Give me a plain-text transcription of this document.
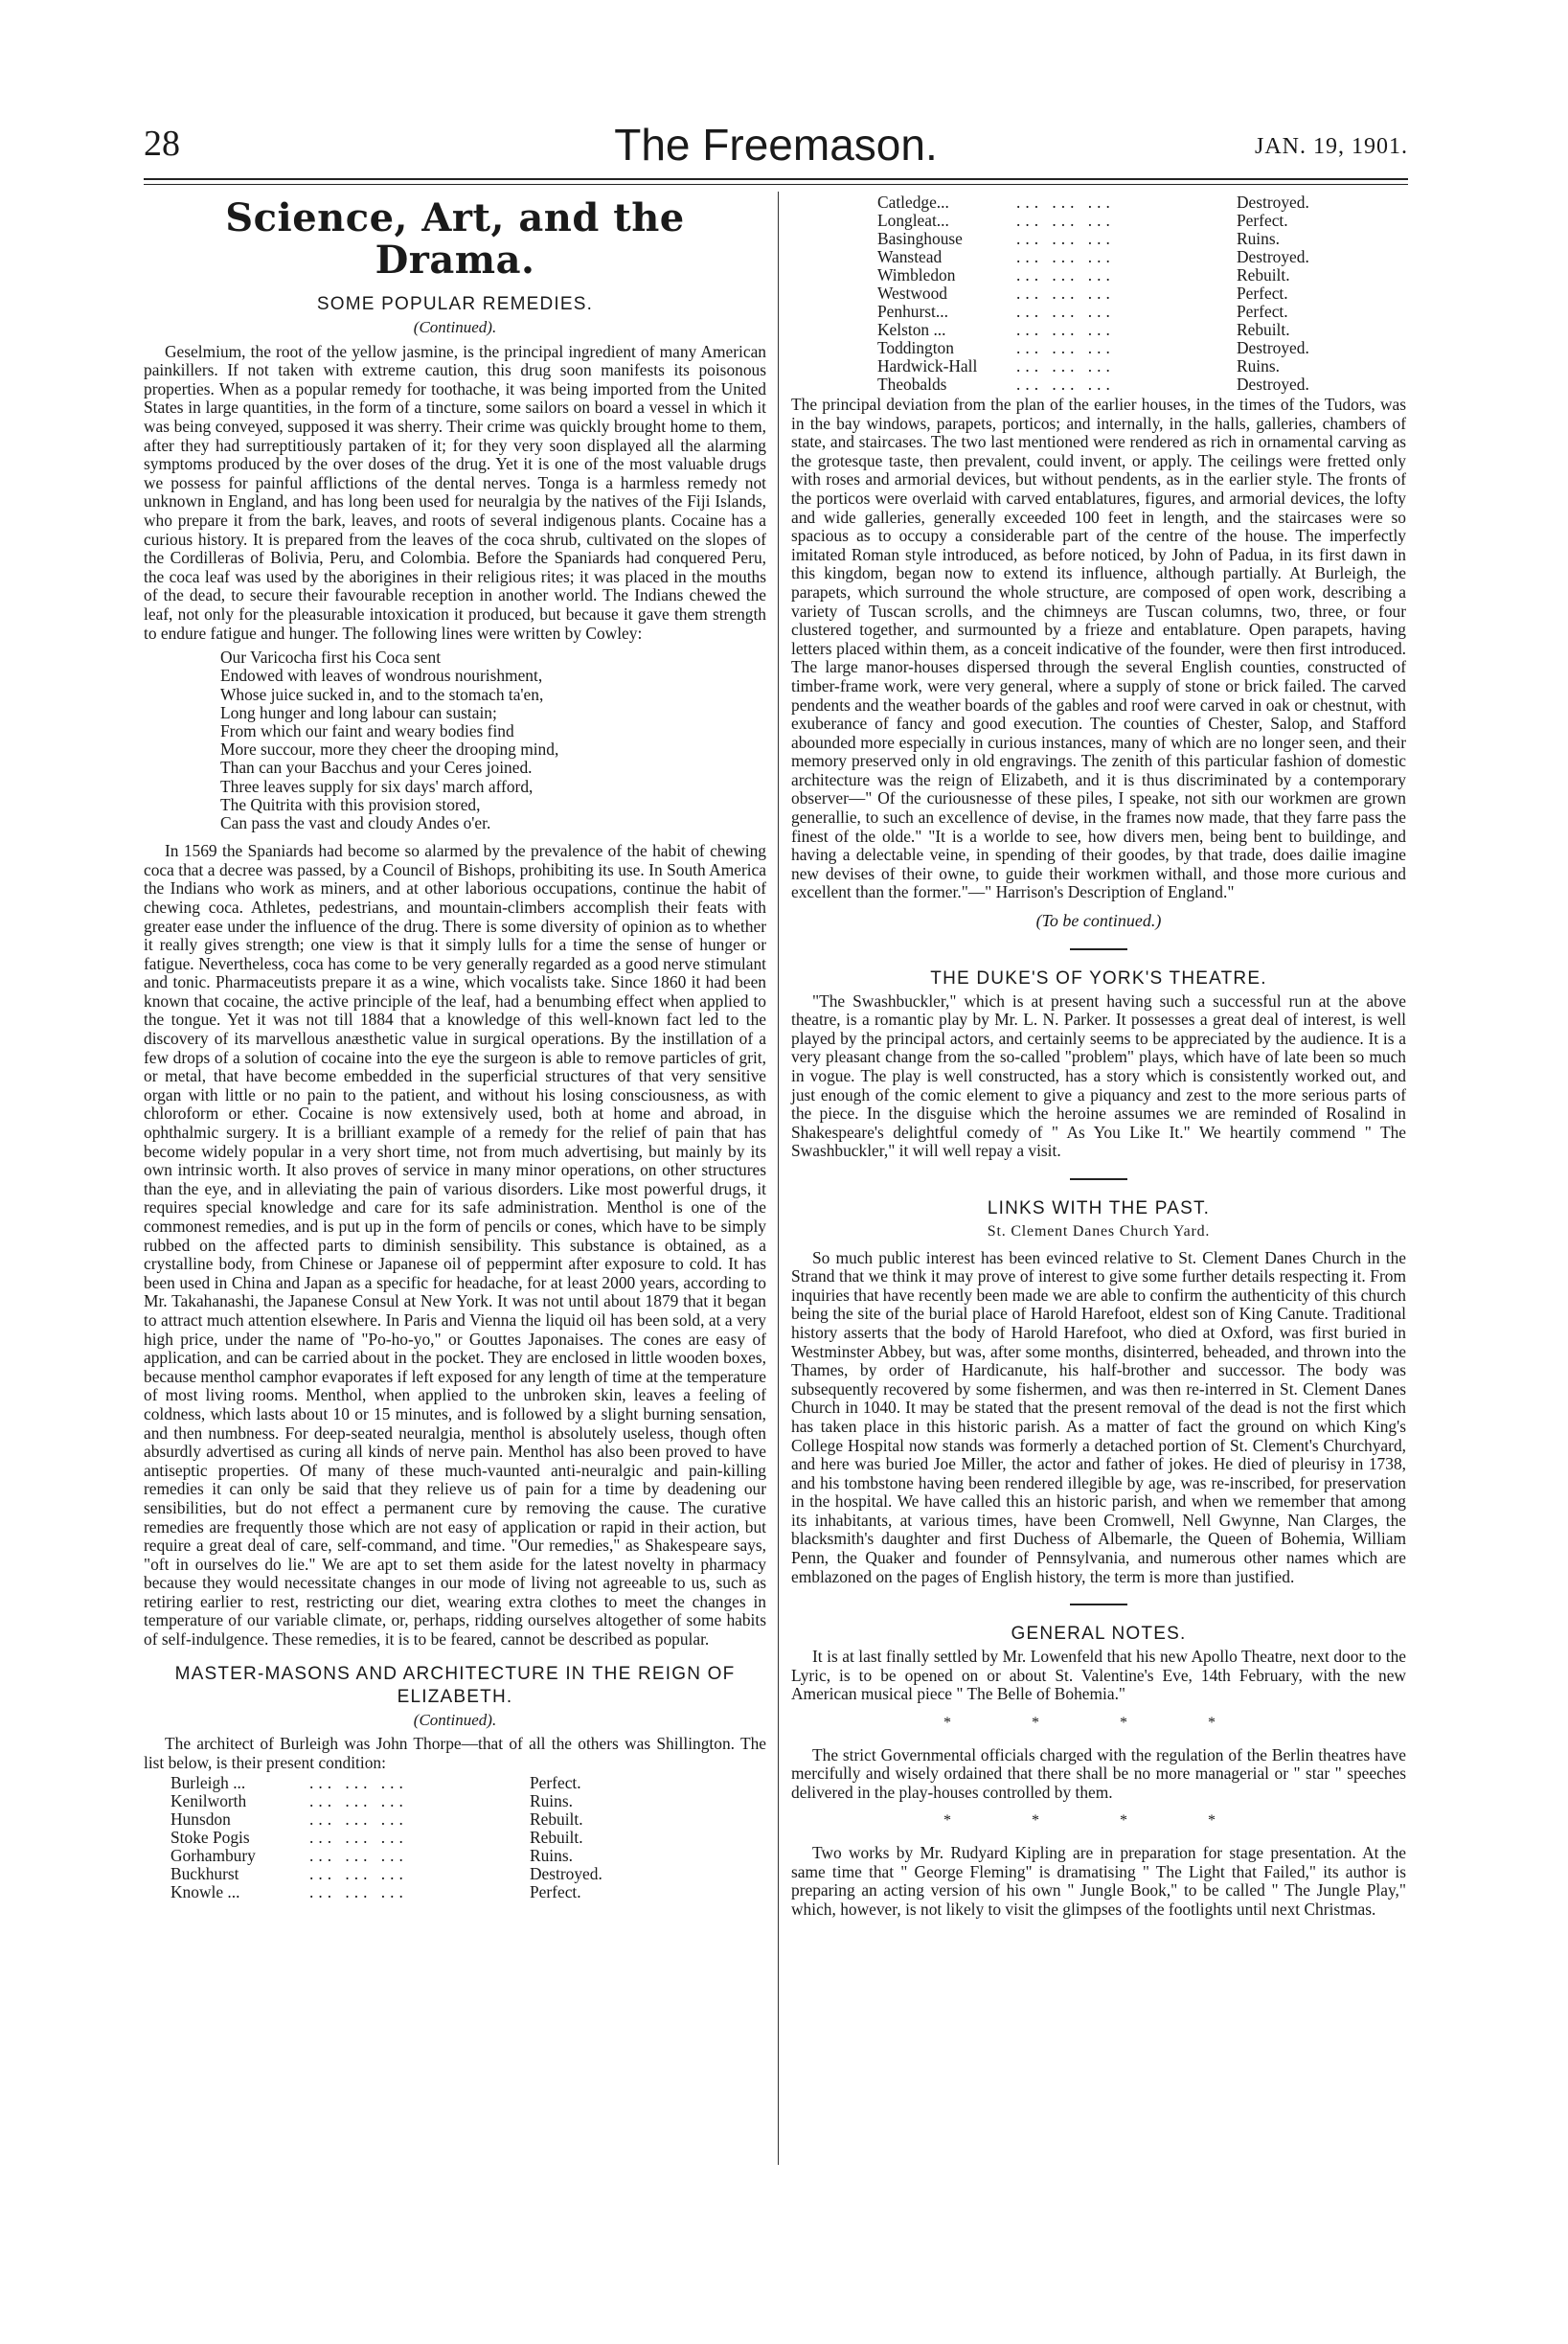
28	The Freemason.	JAN. 19, 1901.
Science, Art, and the Drama.

SOME POPULAR REMEDIES.

(Continued).

Geselmium, the root of the yellow jasmine, is the principal ingredient of many American painkillers. If not taken with extreme caution, this drug soon manifests its poisonous properties. When as a popular remedy for toothache, it was being imported from the United States in large quantities, in the form of a tincture, some sailors on board a vessel in which it was being conveyed, supposed it was sherry. Their crime was quickly brought home to them, after they had surreptitiously partaken of it; for they very soon displayed all the alarming symptoms produced by the over doses of the drug. Yet it is one of the most valuable drugs we possess for painful afflictions of the dental nerves. Tonga is a harmless remedy not unknown in England, and has long been used for neuralgia by the natives of the Fiji Islands, who prepare it from the bark, leaves, and roots of several indigenous plants. Cocaine has a curious history. It is prepared from the leaves of the coca shrub, cultivated on the slopes of the Cordilleras of Bolivia, Peru, and Colombia. Before the Spaniards had conquered Peru, the coca leaf was used by the aborigines in their religious rites; it was placed in the mouths of the dead, to secure their favourable reception in another world. The Indians chewed the leaf, not only for the pleasurable intoxication it produced, but because it gave them strength to endure fatigue and hunger. The following lines were written by Cowley:

Our Varicocha first his Coca sent
Endowed with leaves of wondrous nourishment,
Whose juice sucked in, and to the stomach ta'en,
Long hunger and long labour can sustain;
From which our faint and weary bodies find
More succour, more they cheer the drooping mind,
Than can your Bacchus and your Ceres joined.
Three leaves supply for six days' march afford,
The Quitrita with this provision stored,
Can pass the vast and cloudy Andes o'er.

In 1569 the Spaniards had become so alarmed by the prevalence of the habit of chewing coca that a decree was passed, by a Council of Bishops, prohibiting its use. In South America the Indians who work as miners, and at other laborious occupations, continue the habit of chewing coca. Athletes, pedestrians, and mountain-climbers accomplish their feats with greater ease under the influence of the drug. There is some diversity of opinion as to whether it really gives strength; one view is that it simply lulls for a time the sense of hunger or fatigue. Nevertheless, coca has come to be very generally regarded as a good nerve stimulant and tonic. Pharmaceutists prepare it as a wine, which vocalists take. Since 1860 it had been known that cocaine, the active principle of the leaf, had a benumbing effect when applied to the tongue. Yet it was not till 1884 that a knowledge of this well-known fact led to the discovery of its marvellous anæsthetic value in surgical operations. By the instillation of a few drops of a solution of cocaine into the eye the surgeon is able to remove particles of grit, or metal, that have become embedded in the superficial structures of that very sensitive organ with little or no pain to the patient, and without his losing consciousness, as with chloroform or ether. Cocaine is now extensively used, both at home and abroad, in ophthalmic surgery. It is a brilliant example of a remedy for the relief of pain that has become widely popular in a very short time, not from much advertising, but mainly by its own intrinsic worth. It also proves of service in many minor operations, on other structures than the eye, and in alleviating the pain of various disorders. Like most powerful drugs, it requires special knowledge and care for its safe administration. Menthol is one of the commonest remedies, and is put up in the form of pencils or cones, which have to be simply rubbed on the affected parts to diminish sensibility. This substance is obtained, as a crystalline body, from Chinese or Japanese oil of peppermint after exposure to cold. It has been used in China and Japan as a specific for headache, for at least 2000 years, according to Mr. Takahanashi, the Japanese Consul at New York. It was not until about 1879 that it began to attract much attention elsewhere. In Paris and Vienna the liquid oil has been sold, at a very high price, under the name of "Po-ho-yo," or Gouttes Japonaises. The cones are easy of application, and can be carried about in the pocket. They are enclosed in little wooden boxes, because menthol camphor evaporates if left exposed for any length of time at the temperature of most living rooms. Menthol, when applied to the unbroken skin, leaves a feeling of coldness, which lasts about 10 or 15 minutes, and is followed by a slight burning sensation, and then numbness. For deep-seated neuralgia, menthol is absolutely useless, though often absurdly advertised as curing all kinds of nerve pain. Menthol has also been proved to have antiseptic properties. Of many of these much-vaunted anti-neuralgic and pain-killing remedies it can only be said that they relieve us of pain for a time by deadening our sensibilities, but do not effect a permanent cure by removing the cause. The curative remedies are frequently those which are not easy of application or rapid in their action, but require a great deal of care, self-command, and time. "Our remedies," as Shakespeare says, "oft in ourselves do lie." We are apt to set them aside for the latest novelty in pharmacy because they would necessitate changes in our mode of living not agreeable to us, such as retiring earlier to rest, restricting our diet, wearing extra clothes to meet the changes in temperature of our variable climate, or, perhaps, ridding ourselves altogether of some habits of self-indulgence. These remedies, it is to be feared, cannot be described as popular.

MASTER-MASONS AND ARCHITECTURE IN THE REIGN OF ELIZABETH.

(Continued).

The architect of Burleigh was John Thorpe—that of all the others was Shillington. The list below, is their present condition:

Burleigh ...	... ... ...	Perfect.
Kenilworth	... ... ...	Ruins.
Hunsdon	... ... ...	Rebuilt.
Stoke Pogis	... ... ...	Rebuilt.
Gorhambury	... ... ...	Ruins.
Buckhurst	... ... ...	Destroyed.
Knowle ...	... ... ...	Perfect.
Catledge...	... ... ...	Destroyed.
Longleat...	... ... ...	Perfect.
Basinghouse	... ... ...	Ruins.
Wanstead	... ... ...	Destroyed.
Wimbledon	... ... ...	Rebuilt.
Westwood	... ... ...	Perfect.
Penhurst...	... ... ...	Perfect.
Kelston ...	... ... ...	Rebuilt.
Toddington	... ... ...	Destroyed.
Hardwick-Hall	... ... ...	Ruins.
Theobalds	... ... ...	Destroyed.

The principal deviation from the plan of the earlier houses, in the times of the Tudors, was in the bay windows, parapets, porticos; and internally, in the halls, galleries, chambers of state, and staircases. The two last mentioned were rendered as rich in ornamental carving as the grotesque taste, then prevalent, could invent, or apply. The ceilings were fretted only with roses and armorial devices, but without pendents, as in the earlier style. The fronts of the porticos were overlaid with carved entablatures, figures, and armorial devices, the lofty and wide galleries, generally exceeded 100 feet in length, and the staircases were so spacious as to occupy a considerable part of the centre of the house. The imperfectly imitated Roman style introduced, as before noticed, by John of Padua, in its first dawn in this kingdom, began now to extend its influence, although partially. At Burleigh, the parapets, which surround the whole structure, are composed of open work, describing a variety of Tuscan scrolls, and the chimneys are Tuscan columns, two, three, or four clustered together, and surmounted by a frieze and entablature. Open parapets, having letters placed within them, as a conceit indicative of the founder, were then first introduced. The large manor-houses dispersed through the several English counties, constructed of timber-frame work, were very general, where a supply of stone or brick failed. The carved pendents and the weather boards of the gables and roof were carved in oak or chestnut, with exuberance of fancy and good execution. The counties of Chester, Salop, and Stafford abounded more especially in curious instances, many of which are no longer seen, and their memory preserved only in old engravings. The zenith of this particular fashion of domestic architecture was the reign of Elizabeth, and it is thus discriminated by a contemporary observer—" Of the curiousnesse of these piles, I speake, not sith our workmen are grown generallie, to such an excellence of devise, in the frames now made, that they farre pass the finest of the olde." "It is a worlde to see, how divers men, being bent to buildinge, and having a delectable veine, in spending of their goodes, by that trade, does dailie imagine new devises of their owne, to guide their workmen withall, and those more curious and excellent than the former."—" Harrison's Description of England."

(To be continued.)

THE DUKE'S OF YORK'S THEATRE.

"The Swashbuckler," which is at present having such a successful run at the above theatre, is a romantic play by Mr. L. N. Parker. It possesses a great deal of interest, is well played by the principal actors, and certainly seems to be appreciated by the audience. It is a very pleasant change from the so-called "problem" plays, which have of late been so much in vogue. The play is well constructed, has a story which is consistently worked out, and just enough of the comic element to give a piquancy and zest to the more serious parts of the piece. In the disguise which the heroine assumes we are reminded of Rosalind in Shakespeare's delightful comedy of " As You Like It." We heartily commend " The Swashbuckler," it will well repay a visit.

LINKS WITH THE PAST.

St. Clement Danes Church Yard.

So much public interest has been evinced relative to St. Clement Danes Church in the Strand that we think it may prove of interest to give some further details respecting it. From inquiries that have recently been made we are able to confirm the authenticity of this church being the site of the burial place of Harold Harefoot, eldest son of King Canute. Traditional history asserts that the body of Harold Harefoot, who died at Oxford, was first buried in Westminster Abbey, but was, after some months, disinterred, beheaded, and thrown into the Thames, by order of Hardicanute, his half-brother and successor. The body was subsequently recovered by some fishermen, and was then re-interred in St. Clement Danes Church in 1040. It may be stated that the present removal of the dead is not the first which has taken place in this historic parish. As a matter of fact the ground on which King's College Hospital now stands was formerly a detached portion of St. Clement's Churchyard, and here was buried Joe Miller, the actor and father of jokes. He died of pleurisy in 1738, and his tombstone having been rendered illegible by age, was re-inscribed, for preservation in the hospital. We have called this an historic parish, and when we remember that among its inhabitants, at various times, have been Cromwell, Nell Gwynne, Nan Clarges, the blacksmith's daughter and first Duchess of Albemarle, the Queen of Bohemia, William Penn, the Quaker and founder of Pennsylvania, and numerous other names which are emblazoned on the pages of English history, the term is more than justified.

GENERAL NOTES.

It is at last finally settled by Mr. Lowenfeld that his new Apollo Theatre, next door to the Lyric, is to be opened on or about St. Valentine's Eve, 14th February, with the new American musical piece " The Belle of Bohemia."

* * * *

The strict Governmental officials charged with the regulation of the Berlin theatres have mercifully and wisely ordained that there shall be no more managerial or " star " speeches delivered in the play-houses controlled by them.

* * * *

Two works by Mr. Rudyard Kipling are in preparation for stage presentation. At the same time that " George Fleming" is dramatising " The Light that Failed," its author is preparing an acting version of his own " Jungle Book," to be called " The Jungle Play," which, however, is not likely to visit the glimpses of the footlights until next Christmas.
